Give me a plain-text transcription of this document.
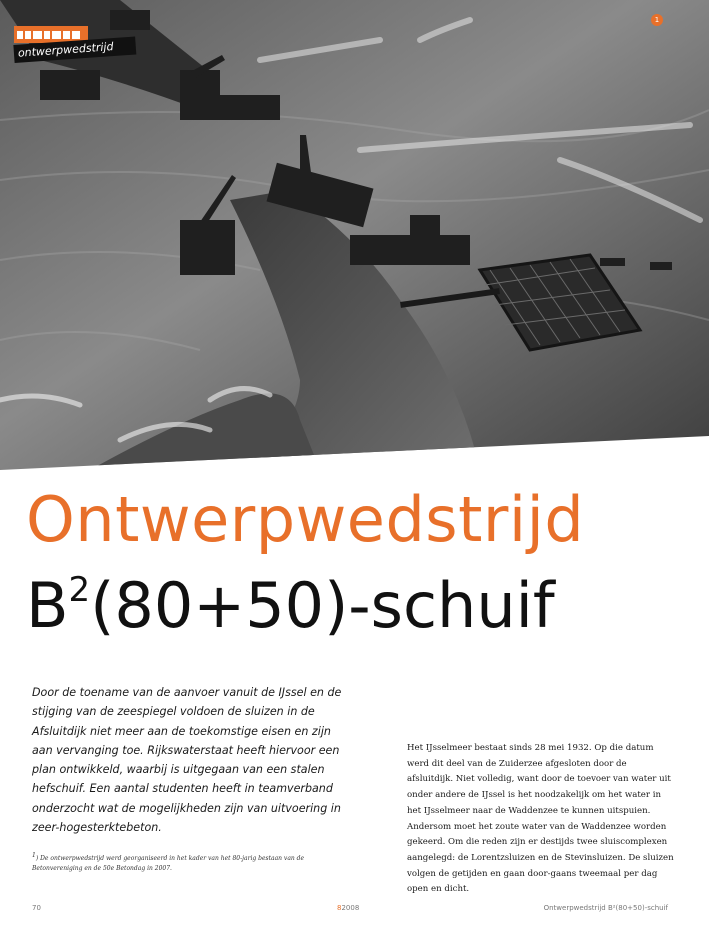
ontwerpwedstrijd
1
Ontwerpwedstrijd
$B^2(80+50)$-schuif

Door de toename van de aanvoer vanuit de IJssel en de stijging van de zeespiegel voldoen de sluizen in de Afsluitdijk niet meer aan de toekomstige eisen en zijn aan vervanging toe. Rijkswaterstaat heeft hiervoor een plan ontwikkeld, waarbij is uitgegaan van een stalen hefschuif. Een aantal studenten heeft in teamverband onderzocht wat de mogelijkheden zijn van uitvoering in zeer-hogesterktebeton.

1) De ontwerpwedstrijd werd georganiseerd in het kader van het 80-jarig bestaan van de Betonvereniging en de 50e Betondag in 2007.

Het IJsselmeer bestaat sinds 28 mei 1932. Op die datum werd dit deel van de Zuiderzee afgesloten door de afsluitdijk. Niet volledig, want door de toevoer van water uit onder andere de IJssel is het noodzakelijk om het water in het IJsselmeer naar de Waddenzee te kunnen uitspuien. Andersom moet het zoute water van de Waddenzee worden gekeerd. Om die reden zijn er destijds twee sluiscomplexen aangelegd: de Lorentzsluizen en de Stevinsluizen. De sluizen volgen de getijden en gaan door-gaans tweemaal per dag open en dicht.

70	82008	Ontwerpwedstrijd B²(80+50)-schuif
